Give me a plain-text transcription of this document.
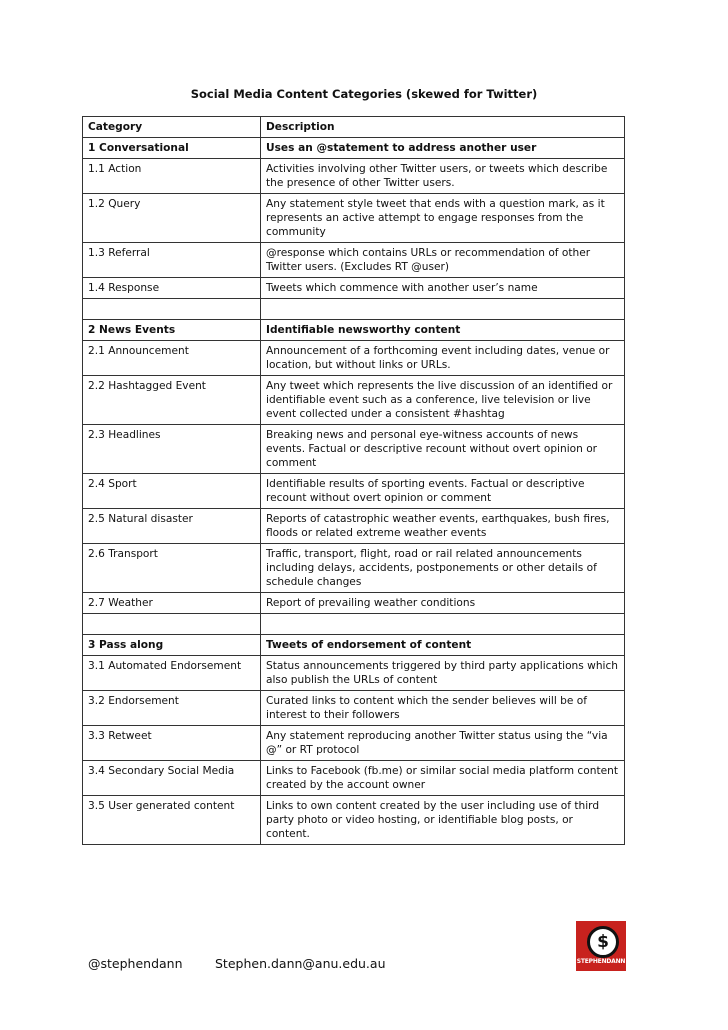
Social Media Content Categories (skewed for Twitter)
Category	Description
1 Conversational	Uses an @statement to address another user
1.1 Action	Activities involving other Twitter users, or tweets which describe the presence of other Twitter users.
1.2 Query	Any statement style tweet that ends with a question mark, as it represents an active attempt to engage responses from the community
1.3 Referral	@response which contains URLs or recommendation of other Twitter users. (Excludes RT @user)
1.4 Response	Tweets which commence with another user’s name

2 News Events	Identifiable newsworthy content
2.1 Announcement	Announcement of a forthcoming event including dates, venue or location, but without links or URLs.
2.2 Hashtagged Event	Any tweet which represents the live discussion of an identified or identifiable event such as a conference, live television or live event collected under a consistent #hashtag
2.3 Headlines	Breaking news and personal eye-witness accounts of news events. Factual or descriptive recount without overt opinion or comment
2.4 Sport	Identifiable results of sporting events. Factual or descriptive recount without overt opinion or comment
2.5 Natural disaster	Reports of catastrophic weather events, earthquakes, bush fires, floods or related extreme weather events
2.6 Transport	Traffic, transport, flight, road or rail related announcements including delays, accidents, postponements or other details of schedule changes
2.7 Weather	Report of prevailing weather conditions

3 Pass along	Tweets of endorsement of content
3.1 Automated Endorsement	Status announcements triggered by third party applications which also publish the URLs of content
3.2 Endorsement	Curated links to content which the sender believes will be of interest to their followers
3.3 Retweet	Any statement reproducing another Twitter status using the “via @” or RT protocol
3.4 Secondary Social Media	Links to Facebook (fb.me) or similar social media platform content created by the account owner
3.5 User generated content	Links to own content created by the user including use of third party photo or video hosting, or identifiable blog posts, or content.
@stephendann	Stephen.dann@anu.edu.au
$
STEPHENDANN
